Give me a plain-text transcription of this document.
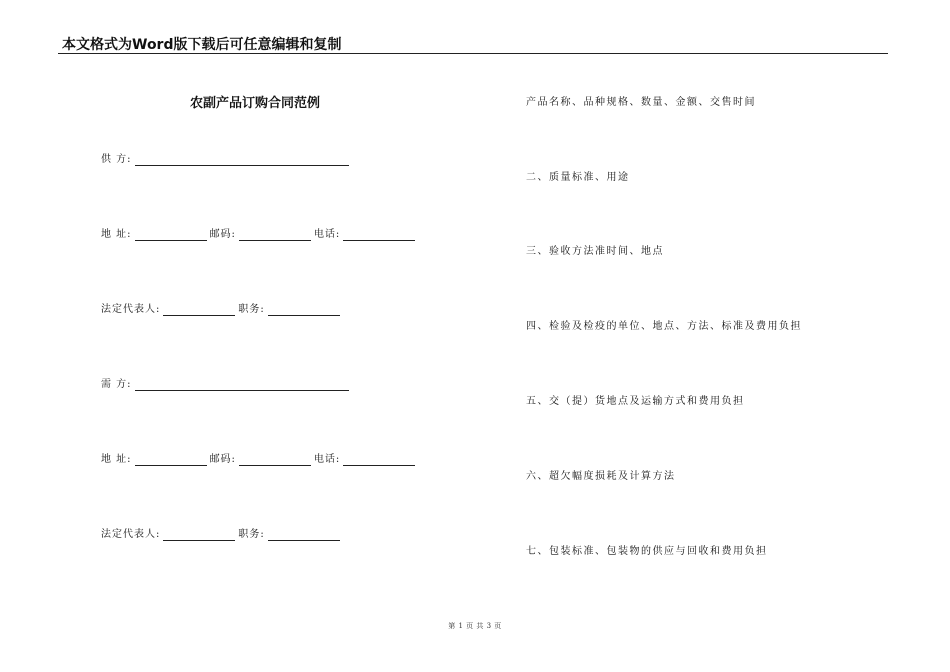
本文格式为Word版下载后可任意编辑和复制
农副产品订购合同范例
供 方:
地 址:	邮码:	电话:
法定代表人:	职务:
需 方:
地 址:	邮码:	电话:
法定代表人:	职务:
产品名称、品种规格、数量、金额、交售时间
二、质量标准、用途
三、验收方法准时间、地点
四、检验及检疫的单位、地点、方法、标准及费用负担
五、交（提）货地点及运输方式和费用负担
六、超欠幅度损耗及计算方法
七、包装标准、包装物的供应与回收和费用负担
第 1 页 共 3 页
